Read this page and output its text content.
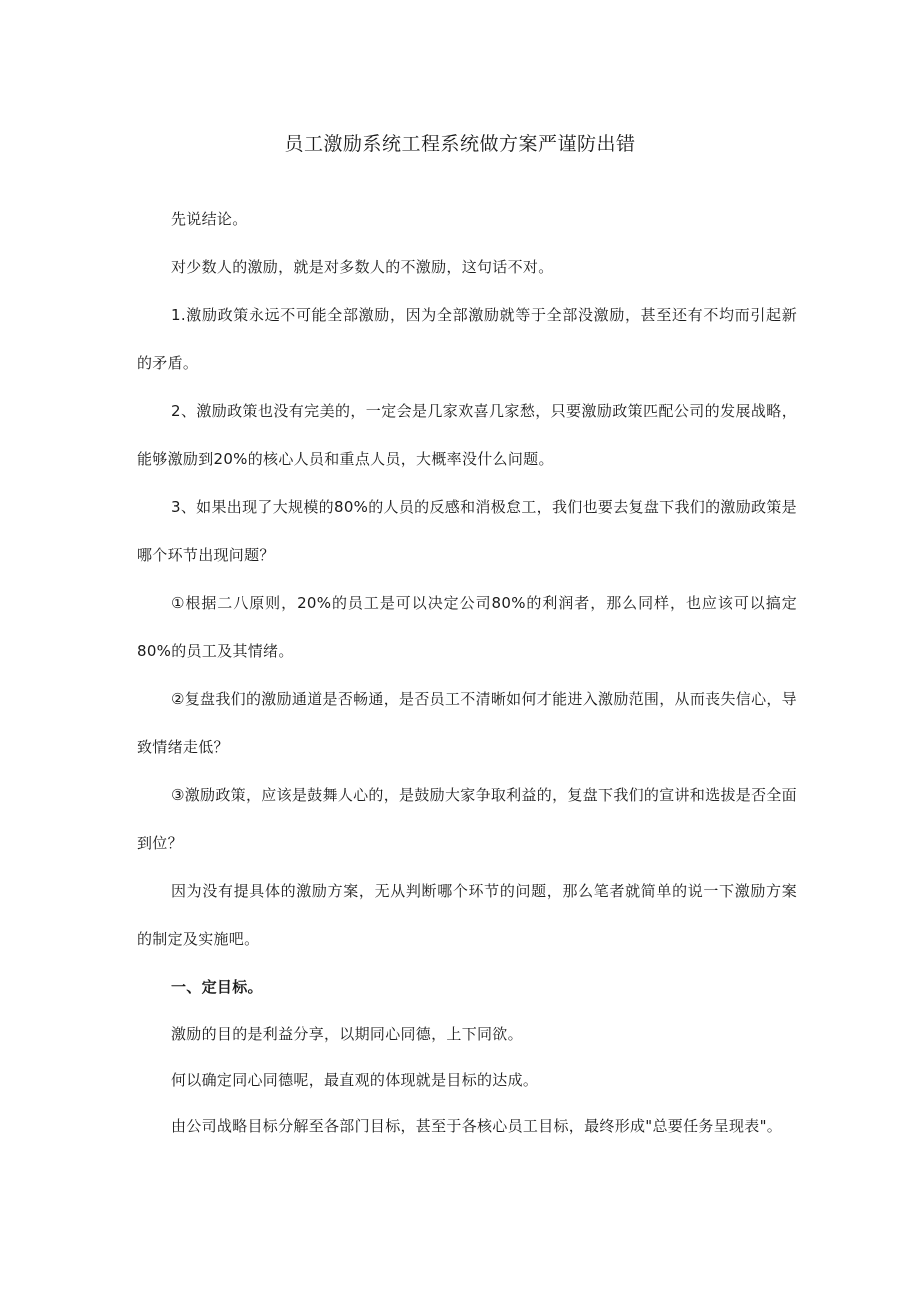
员工激励系统工程系统做方案严谨防出错

先说结论。

对少数人的激励，就是对多数人的不激励，这句话不对。

1.激励政策永远不可能全部激励，因为全部激励就等于全部没激励，甚至还有不均而引起新的矛盾。

2、激励政策也没有完美的，一定会是几家欢喜几家愁，只要激励政策匹配公司的发展战略，能够激励到20%的核心人员和重点人员，大概率没什么问题。

3、如果出现了大规模的80%的人员的反感和消极怠工，我们也要去复盘下我们的激励政策是哪个环节出现问题？

①根据二八原则，20%的员工是可以决定公司80%的利润者，那么同样，也应该可以搞定80%的员工及其情绪。

②复盘我们的激励通道是否畅通，是否员工不清晰如何才能进入激励范围，从而丧失信心，导致情绪走低？

③激励政策，应该是鼓舞人心的，是鼓励大家争取利益的，复盘下我们的宣讲和选拔是否全面到位？

因为没有提具体的激励方案，无从判断哪个环节的问题，那么笔者就简单的说一下激励方案的制定及实施吧。

一、定目标。

激励的目的是利益分享，以期同心同德，上下同欲。

何以确定同心同德呢，最直观的体现就是目标的达成。

由公司战略目标分解至各部门目标，甚至于各核心员工目标，最终形成"总要任务呈现表"。
